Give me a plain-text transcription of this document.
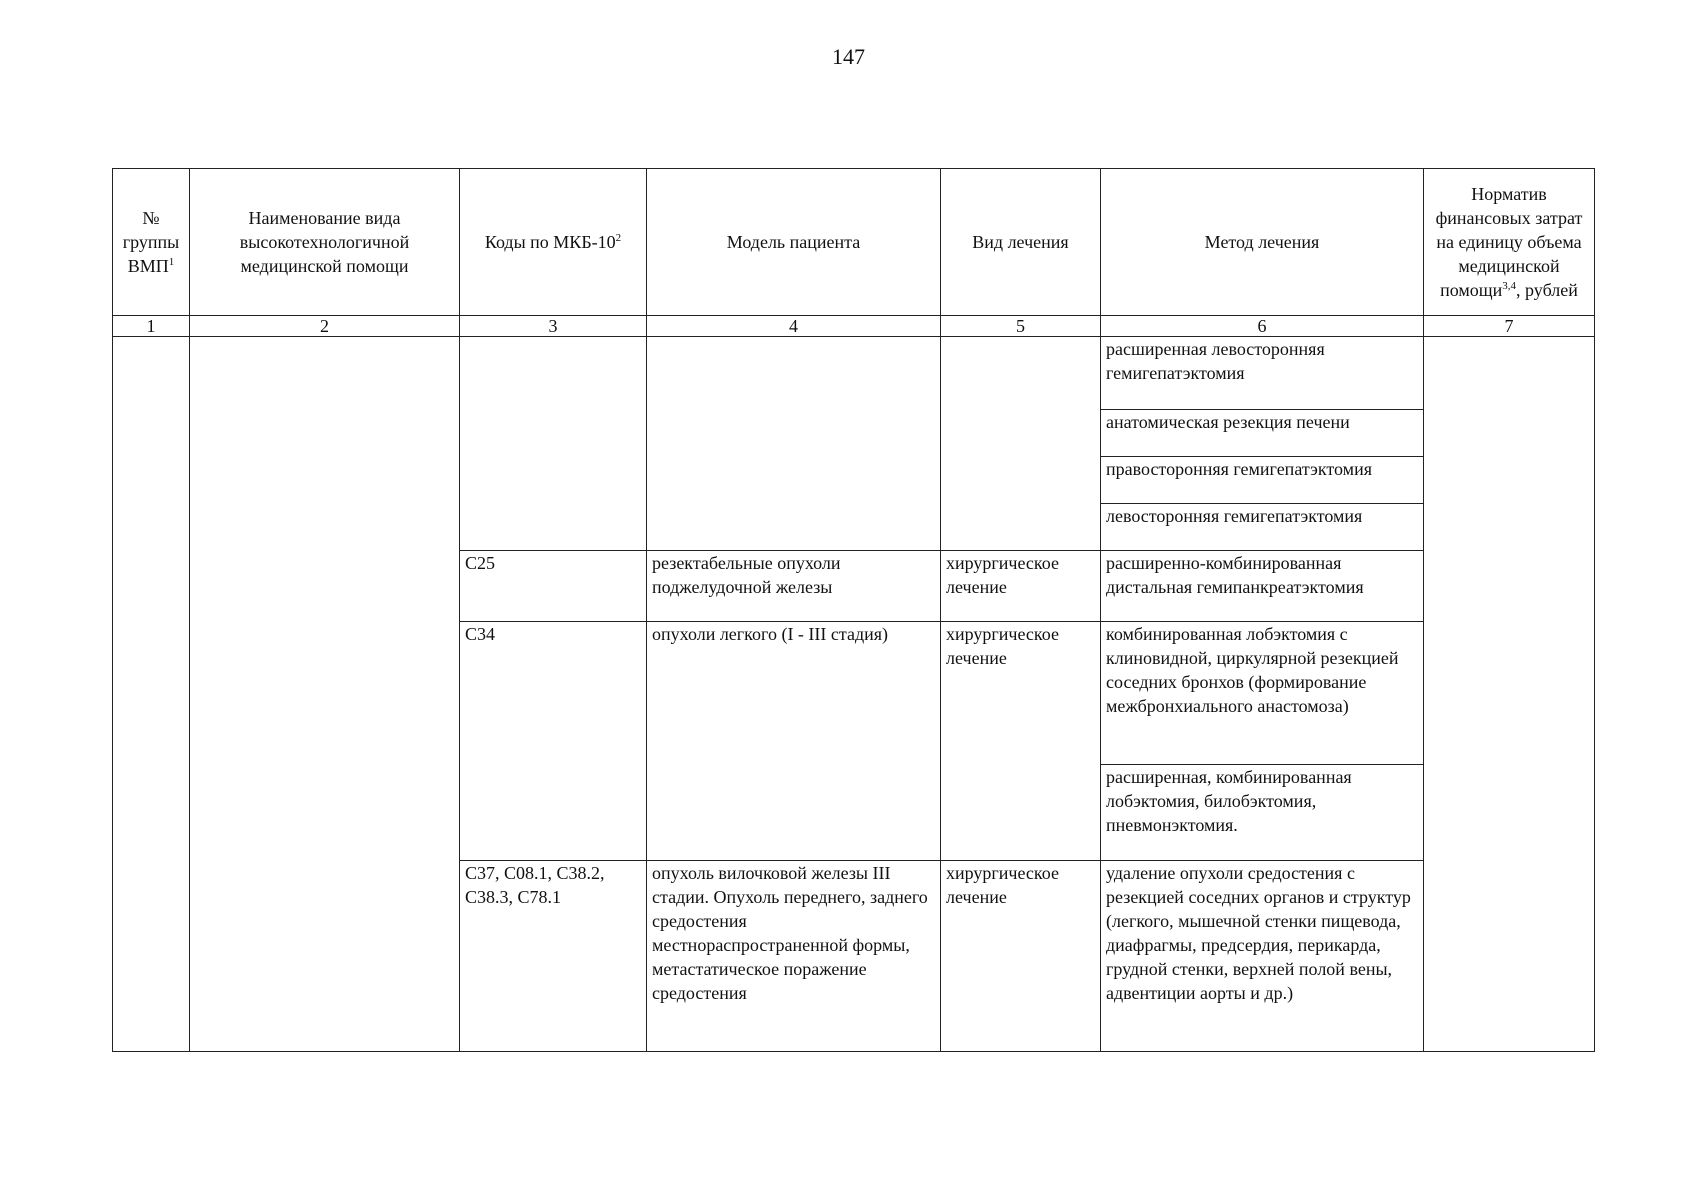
147
№ группы ВМП$^1$	Наименование вида высокотехнологичной медицинской помощи	Коды по МКБ-$10^2$	Модель пациента	Вид лечения	Метод лечения	Норматив финансовых затрат на единицу объема медицинской помощи$^{3,4}$, рублей
1	2	3	4	5	6	7
					расширенная левосторонняя гемигепатэктомия	
					анатомическая резекция печени	
					правосторонняя гемигепатэктомия	
					левосторонняя гемигепатэктомия	
		C25	резектабельные опухоли поджелудочной железы	хирургическое лечение	расширенно-комбинированная дистальная гемипанкреатэктомия	
		C34	опухоли легкого (I - III стадия)	хирургическое лечение	комбинированная лобэктомия с клиновидной, циркулярной резекцией соседних бронхов (формирование межбронхиального анастомоза)	
					расширенная, комбинированная лобэктомия, билобэктомия, пневмонэктомия.	
		C37, C08.1, C38.2, C38.3, C78.1	опухоль вилочковой железы III стадии. Опухоль переднего, заднего средостения местнораспространенной формы, метастатическое поражение средостения	хирургическое лечение	удаление опухоли средостения с резекцией соседних органов и структур (легкого, мышечной стенки пищевода, диафрагмы, предсердия, перикарда, грудной стенки, верхней полой вены, адвентиции аорты и др.)	
